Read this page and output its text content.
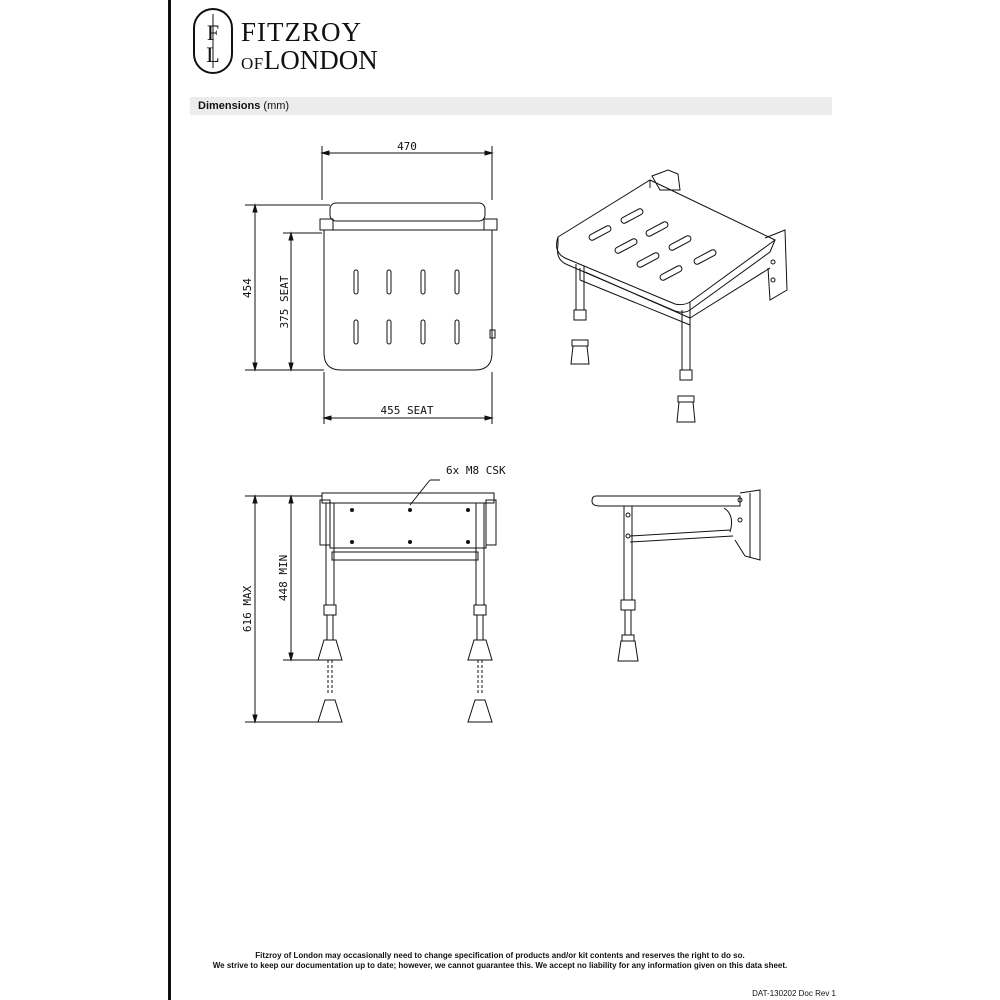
F
L
FITZROY
OFLONDON
Dimensions (mm)
470
454 375 SEAT
455 SEAT
6x M8 CSK
616 MAX
448 MIN
Fitzroy of London may occasionally need to change specification of products and/or kit contents and reserves the right to do so.
We strive to keep our documentation up to date; however, we cannot guarantee this. We accept no liability for any information given on this data sheet.
DAT-130202 Doc Rev 1
